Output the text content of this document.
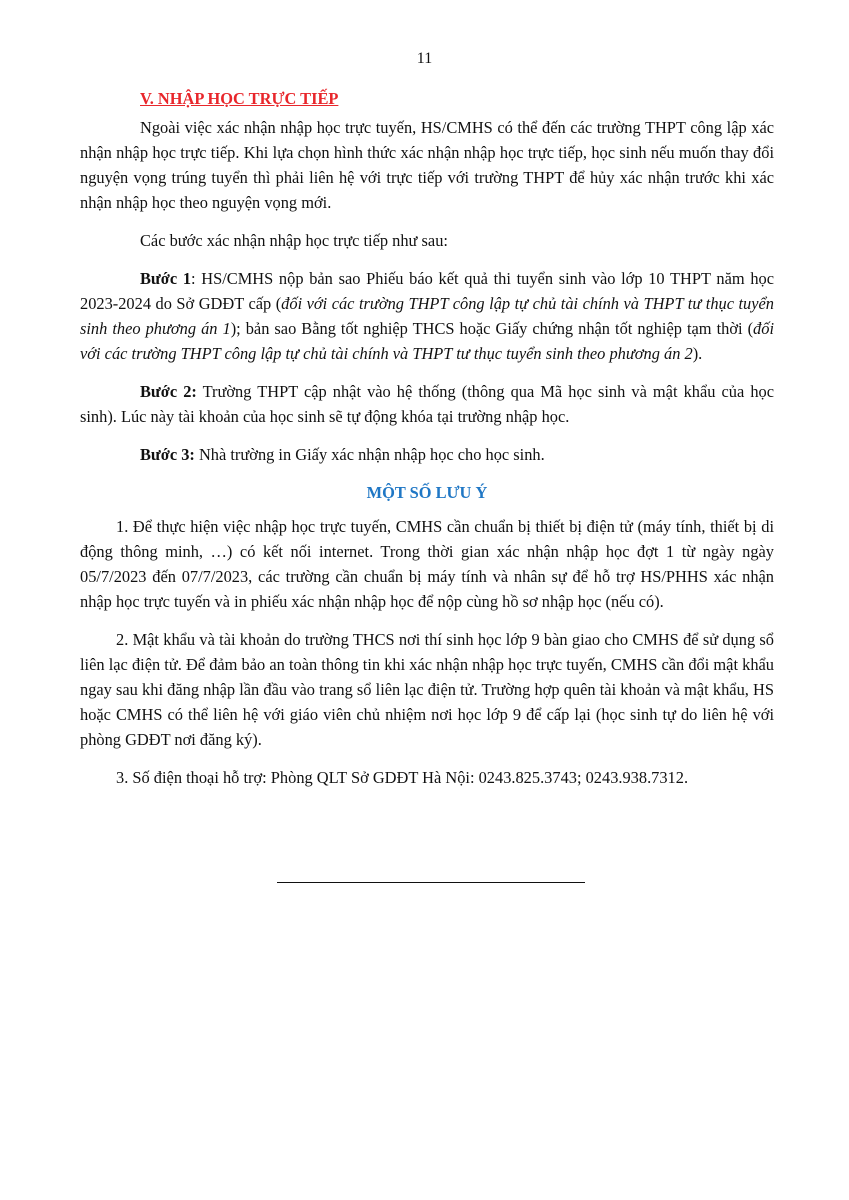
11
V. NHẬP HỌC TRỰC TIẾP

Ngoài việc xác nhận nhập học trực tuyến, HS/CMHS có thể đến các trường THPT công lập xác nhận nhập học trực tiếp. Khi lựa chọn hình thức xác nhận nhập học trực tiếp, học sinh nếu muốn thay đổi nguyện vọng trúng tuyển thì phải liên hệ với trực tiếp với trường THPT để hủy xác nhận trước khi xác nhận nhập học theo nguyện vọng mới.

Các bước xác nhận nhập học trực tiếp như sau:

Bước 1: HS/CMHS nộp bản sao Phiếu báo kết quả thi tuyển sinh vào lớp 10 THPT năm học 2023-2024 do Sở GDĐT cấp (đối với các trường THPT công lập tự chủ tài chính và THPT tư thục tuyển sinh theo phương án 1); bản sao Bằng tốt nghiệp THCS hoặc Giấy chứng nhận tốt nghiệp tạm thời (đối với các trường THPT công lập tự chủ tài chính và THPT tư thục tuyển sinh theo phương án 2).

Bước 2: Trường THPT cập nhật vào hệ thống (thông qua Mã học sinh và mật khẩu của học sinh). Lúc này tài khoản của học sinh sẽ tự động khóa tại trường nhập học.

Bước 3: Nhà trường in Giấy xác nhận nhập học cho học sinh.

MỘT SỐ LƯU Ý

1. Để thực hiện việc nhập học trực tuyến, CMHS cần chuẩn bị thiết bị điện tử (máy tính, thiết bị di động thông minh, …) có kết nối internet. Trong thời gian xác nhận nhập học đợt 1 từ ngày ngày 05/7/2023 đến 07/7/2023, các trường cần chuẩn bị máy tính và nhân sự để hỗ trợ HS/PHHS xác nhận nhập học trực tuyến và in phiếu xác nhận nhập học để nộp cùng hồ sơ nhập học (nếu có).

2. Mật khẩu và tài khoản do trường THCS nơi thí sinh học lớp 9 bàn giao cho CMHS để sử dụng sổ liên lạc điện tử. Để đảm bảo an toàn thông tin khi xác nhận nhập học trực tuyến, CMHS cần đổi mật khẩu ngay sau khi đăng nhập lần đầu vào trang sổ liên lạc điện tử. Trường hợp quên tài khoản và mật khẩu, HS hoặc CMHS có thể liên hệ với giáo viên chủ nhiệm nơi học lớp 9 để cấp lại (học sinh tự do liên hệ với phòng GDĐT nơi đăng ký).

3. Số điện thoại hỗ trợ: Phòng QLT Sở GDĐT Hà Nội: 0243.825.3743; 0243.938.7312.
